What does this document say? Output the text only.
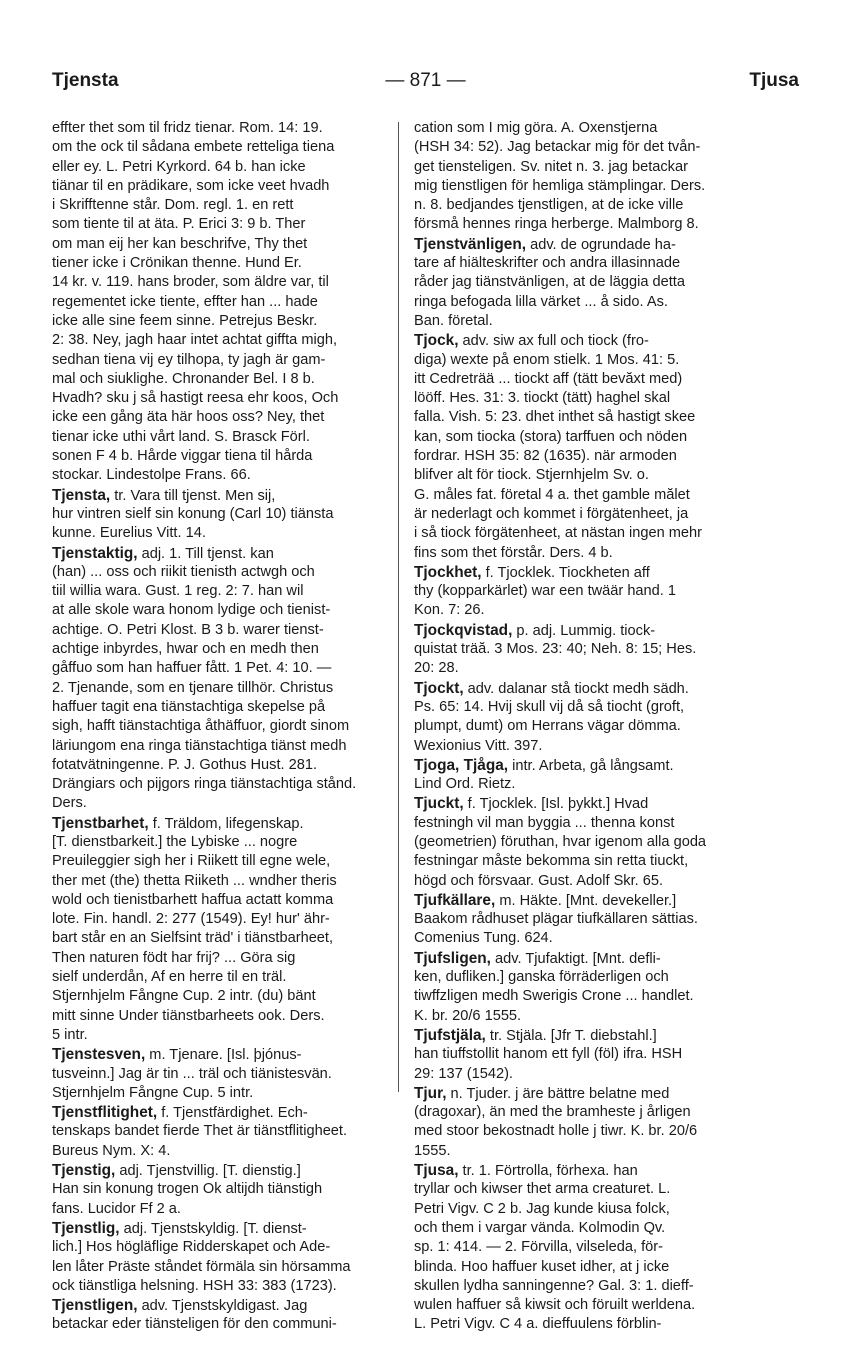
Tjensta	— 871 —	Tjusa
effter thet som til fridz tienar. Rom. 14: 19.
om the ock til sådana embete retteliga tiena
eller ey. L. Petri Kyrkord. 64 b. han icke
tiänar til en prädikare, som icke veet hvadh
i Skrifftenne står. Dom. regl. 1. en rett
som tiente til at äta. P. Erici 3: 9 b. Ther
om man eij her kan beschrifve, Thy thet
tiener icke i Crönikan thenne. Hund Er.
14 kr. v. 119. hans broder, som äldre var, til
regementet icke tiente, effter han ... hade
icke alle sine feem sinne. Petrejus Beskr.
2: 38. Ney, jagh haar intet achtat giffta migh,
sedhan tiena vij ey tilhopa, ty jagh är gam-
mal och siuklighe. Chronander Bel. I 8 b.
Hvadh? sku j så hastigt reesa ehr koos, Och
icke een gång äta här hoos oss? Ney, thet
tienar icke uthi vårt land. S. Brasck Förl.
sonen F 4 b. Hårde viggar tiena til hårda
stockar. Lindestolpe Frans. 66.
Tjensta, tr. Vara till tjenst. Men sij,
hur vintren sielf sin konung (Carl 10) tiänsta
kunne. Eurelius Vitt. 14.
Tjenstaktig, adj. 1. Till tjenst. kan
(han) ... oss och riikit tienisth actwgh och
tiil willia wara. Gust. 1 reg. 2: 7. han wil
at alle skole wara honom lydige och tienist-
achtige. O. Petri Klost. B 3 b. warer tienst-
achtige inbyrdes, hwar och en medh then
gåffuo som han haffuer fått. 1 Pet. 4: 10. —
2. Tjenande, som en tjenare tillhör. Christus
haffuer tagit ena tiänstachtiga skepelse på
sigh, hafft tiänstachtiga åthäffuor, giordt sinom
läriungom ena ringa tiänstachtiga tiänst medh
fotatvätningenne. P. J. Gothus Hust. 281.
Drängiars och pijgors ringa tiänstachtiga stånd.
Ders.
Tjenstbarhet, f. Träldom, lifegenskap.
[T. dienstbarkeit.] the Lybiske ... nogre
Preuileggier sigh her i Riikett till egne wele,
ther met (the) thetta Riiketh ... wndher theris
wold och tienistbarhett haffua actatt komma
lote. Fin. handl. 2: 277 (1549). Ey! hur' ähr-
bart står en an Sielfsint träd' i tiänstbarheet,
Then naturen födt har frij? ... Göra sig
sielf underdån, Af en herre til en träl.
Stjernhjelm Fångne Cup. 2 intr. (du) bänt
mitt sinne Under tiänstbarheets ook. Ders.
5 intr.
Tjenstesven, m. Tjenare. [Isl. þjónus-
tusveinn.] Jag är tin ... träl och tiänistesvän.
Stjernhjelm Fångne Cup. 5 intr.
Tjenstflitighet, f. Tjenstfärdighet. Ech-
tenskaps bandet fierde Thet är tiänstflitigheet.
Bureus Nym. X: 4.
Tjenstig, adj. Tjenstvillig. [T. dienstig.]
Han sin konung trogen Ok altijdh tiänstigh
fans. Lucidor Ff 2 a.
Tjenstlig, adj. Tjenstskyldig. [T. dienst-
lich.] Hos högläflige Ridderskapet och Ade-
len låter Präste ståndet förmäla sin hörsamma
ock tiänstliga helsning. HSH 33: 383 (1723).
Tjenstligen, adv. Tjenstskyldigast. Jag
betackar eder tiänsteligen för den communi-
cation som I mig göra. A. Oxenstjerna
(HSH 34: 52). Jag betackar mig för det tvån-
get tiensteligen. Sv. nitet n. 3. jag betackar
mig tienstligen för hemliga stämplingar. Ders.
n. 8. bedjandes tjenstligen, at de icke ville
försmå hennes ringa herberge. Malmborg 8.
Tjenstvänligen, adv. de ogrundade ha-
tare af hiälteskrifter och andra illasinnade
råder jag tiänstvänligen, at de läggia detta
ringa befogada lilla värket ... å sido. As.
Ban. företal.
Tjock, adv. siw ax full och tiock (fro-
diga) wexte på enom stielk. 1 Mos. 41: 5.
itt Cedreträä ... tiockt aff (tätt bevăxt med)
lööff. Hes. 31: 3. tiockt (tätt) haghel skal
falla. Vish. 5: 23. dhet inthet så hastigt skee
kan, som tiocka (stora) tarffuen och nöden
fordrar. HSH 35: 82 (1635). när armoden
blifver alt för tiock. Stjernhjelm Sv. o.
G. måles fat. företal 4 a. thet gamble mălet
är nederlagt och kommet i förgätenheet, ja
i så tiock förgätenheet, at nästan ingen mehr
fins som thet förstår. Ders. 4 b.
Tjockhet, f. Tjocklek. Tiockheten aff
thy (kopparkärlet) war een twäär hand. 1
Kon. 7: 26.
Tjockqvistad, p. adj. Lummig. tiock-
quistat träă. 3 Mos. 23: 40; Neh. 8: 15; Hes.
20: 28.
Tjockt, adv. dalanar stå tiockt medh sädh.
Ps. 65: 14. Hvij skull vij då så tiocht (groft,
plumpt, dumt) om Herrans vägar dömma.
Wexionius Vitt. 397.
Tjoga, Tjåga, intr. Arbeta, gå långsamt.
Lind Ord. Rietz.
Tjuckt, f. Tjocklek. [Isl. þykkt.] Hvad
festningh vil man byggia ... thenna konst
(geometrien) föruthan, hvar igenom alla goda
festningar måste bekomma sin retta tiuckt,
högd och försvaar. Gust. Adolf Skr. 65.
Tjufkällare, m. Häkte. [Mnt. devekeller.]
Baakom rådhuset plägar tiufkällaren sättias.
Comenius Tung. 624.
Tjufsligen, adv. Tjufaktigt. [Mnt. defli-
ken, dufliken.] ganska förräderligen och
tiwffzligen medh Swerigis Crone ... handlet.
K. br. 20/6 1555.
Tjufstjäla, tr. Stjäla. [Jfr T. diebstahl.]
han tiuffstollit hanom ett fyll (föl) ifra. HSH
29: 137 (1542).
Tjur, n. Tjuder. j äre bättre belatne med
(dragoxar), än med the bramheste j årligen
med stoor bekostnadt holle j tiwr. K. br. 20/6
1555.
Tjusa, tr. 1. Förtrolla, förhexa. han
tryllar och kiwser thet arma creaturet. L.
Petri Vigv. C 2 b. Jag kunde kiusa folck,
och them i vargar vända. Kolmodin Qv.
sp. 1: 414. — 2. Förvilla, vilseleda, för-
blinda. Hoo haffuer kuset idher, at j icke
skullen lydha sanningenne? Gal. 3: 1. dieff-
wulen haffuer så kiwsit och föruilt werldena.
L. Petri Vigv. C 4 a. dieffuulens förblin-
